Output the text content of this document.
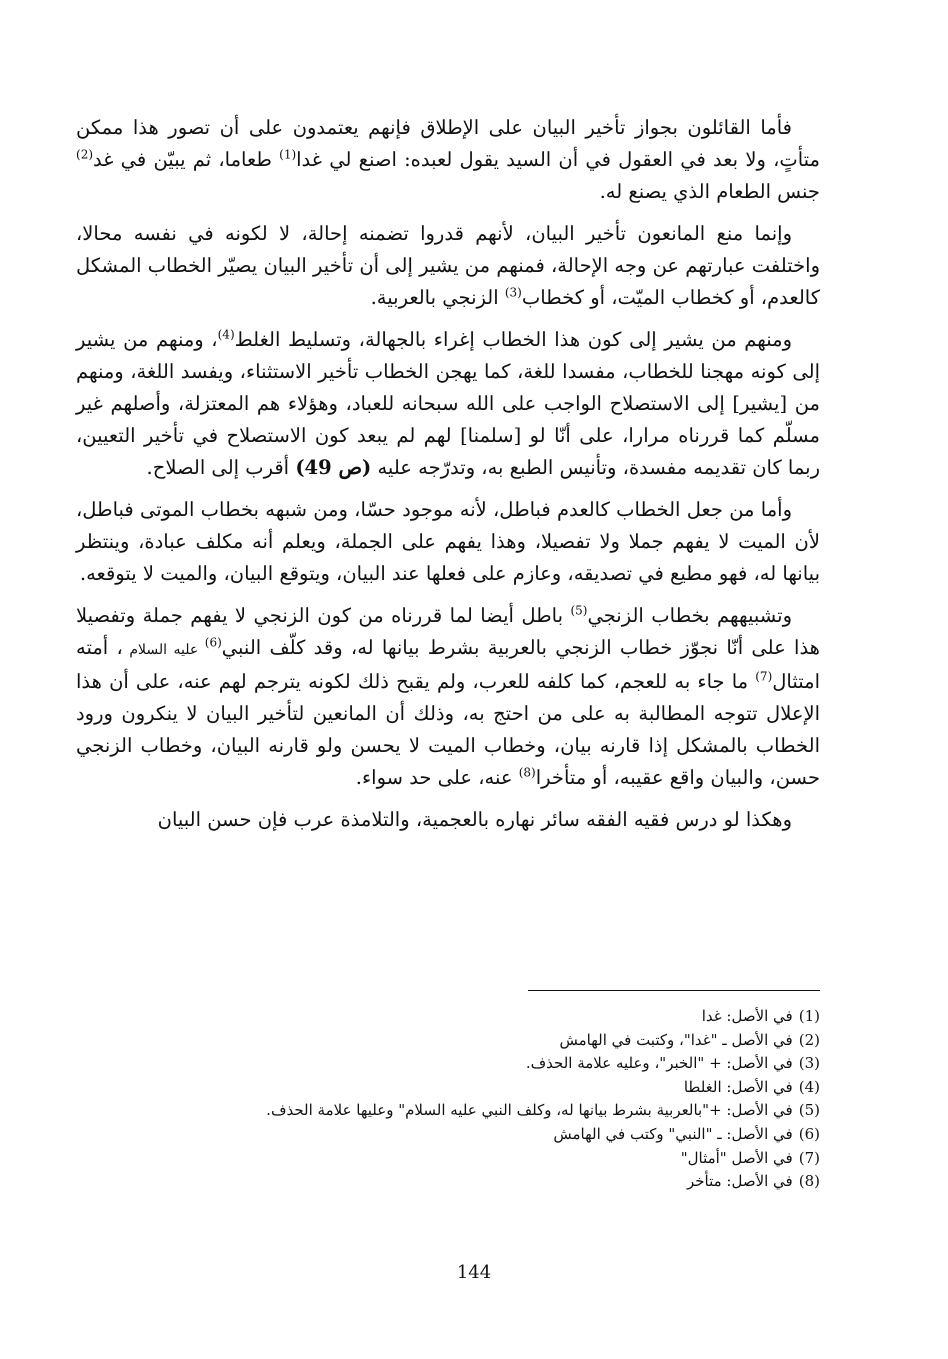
فأما القائلون بجواز تأخير البيان على الإطلاق فإنهم يعتمدون على أن تصور هذا ممكن متأتٍ، ولا بعد في العقول في أن السيد يقول لعبده: اصنع لي غدا$^{(1)}$ طعاما، ثم يبيّن في غد$^{(2)}$ جنس الطعام الذي يصنع له.

وإنما منع المانعون تأخير البيان، لأنهم قدروا تضمنه إحالة، لا لكونه في نفسه محالا، واختلفت عبارتهم عن وجه الإحالة، فمنهم من يشير إلى أن تأخير البيان يصيّر الخطاب المشكل كالعدم، أو كخطاب الميّت، أو كخطاب$^{(3)}$ الزنجي بالعربية.

ومنهم من يشير إلى كون هذا الخطاب إغراء بالجهالة، وتسليط الغلط$^{(4)}$، ومنهم من يشير إلى كونه مهجنا للخطاب، مفسدا للغة، كما يهجن الخطاب تأخير الاستثناء، ويفسد اللغة، ومنهم من [يشير] إلى الاستصلاح الواجب على الله سبحانه للعباد، وهؤلاء هم المعتزلة، وأصلهم غير مسلّم كما قررناه مرارا، على أنّا لو [سلمنا] لهم لم يبعد كون الاستصلاح في تأخير التعيين، ربما كان تقديمه مفسدة، وتأنيس الطبع به، وتدرّجه عليه (ص 49) أقرب إلى الصلاح.

وأما من جعل الخطاب كالعدم فباطل، لأنه موجود حسّا، ومن شبهه بخطاب الموتى فباطل، لأن الميت لا يفهم جملا ولا تفصيلا، وهذا يفهم على الجملة، ويعلم أنه مكلف عبادة، وينتظر بيانها له، فهو مطيع في تصديقه، وعازم على فعلها عند البيان، ويتوقع البيان، والميت لا يتوقعه.

وتشبيههم بخطاب الزنجي$^{(5)}$ باطل أيضا لما قررناه من كون الزنجي لا يفهم جملة وتفصيلا هذا على أنّا نجوّز خطاب الزنجي بالعربية بشرط بيانها له، وقد كلّف النبي$^{(6)}$ عليه السلام ، أمته امتثال$^{(7)}$ ما جاء به للعجم، كما كلفه للعرب، ولم يقبح ذلك لكونه يترجم لهم عنه، على أن هذا الإعلال تتوجه المطالبة به على من احتج به، وذلك أن المانعين لتأخير البيان لا ينكرون ورود الخطاب بالمشكل إذا قارنه بيان، وخطاب الميت لا يحسن ولو قارنه البيان، وخطاب الزنجي حسن، والبيان واقع عقيبه، أو متأخرا$^{(8)}$ عنه، على حد سواء.

وهكذا لو درس فقيه الفقه سائر نهاره بالعجمية، والتلامذة عرب فإن حسن البيان

(1)في الأصل: غدا
(2)في الأصل ـ "غدا"، وكتبت في الهامش
(3)في الأصل: + "الخبر"، وعليه علامة الحذف.
(4)في الأصل: الغلطا
(5)في الأصل: +"بالعربية بشرط بيانها له، وكلف النبي عليه السلام" وعليها علامة الحذف.
(6)في الأصل: ـ "النبي" وكتب في الهامش
(7)في الأصل "أمثال"
(8)في الأصل: متأخر
144
